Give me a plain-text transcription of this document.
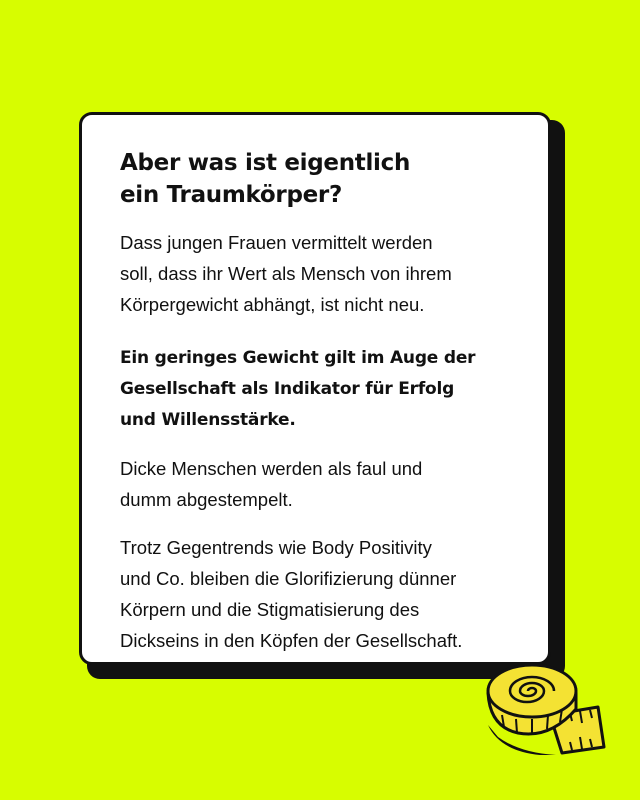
Aber was ist eigentlich
ein Traumkörper?

Dass jungen Frauen vermittelt werden
soll, dass ihr Wert als Mensch von ihrem
Körpergewicht abhängt, ist nicht neu.

Ein geringes Gewicht gilt im Auge der
Gesellschaft als Indikator für Erfolg
und Willensstärke.

Dicke Menschen werden als faul und
dumm abgestempelt.

Trotz Gegentrends wie Body Positivity
und Co. bleiben die Glorifizierung dünner
Körpern und die Stigmatisierung des
Dickseins in den Köpfen der Gesellschaft.
